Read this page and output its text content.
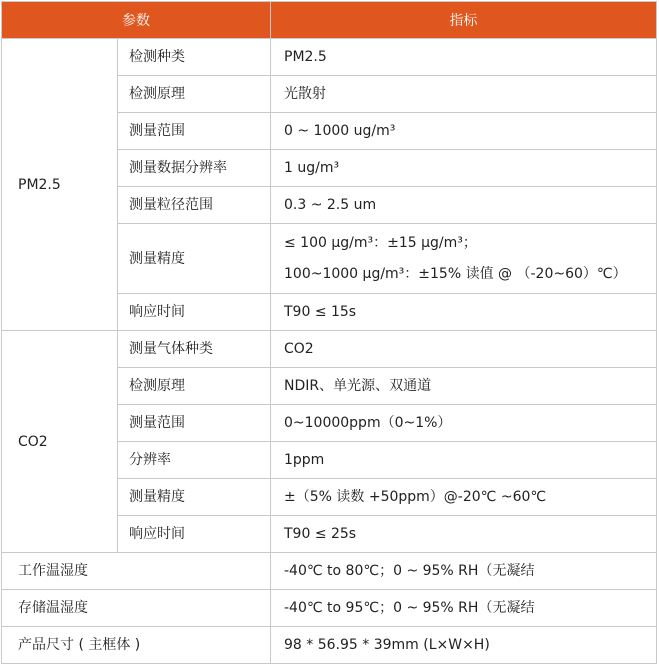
参数		指标
PM2.5	检测种类	PM2.5
	检测原理	光散射
	测量范围	0 ~ 1000 ug/m³
	测量数据分辨率	1 ug/m³
	测量粒径范围	0.3 ~ 2.5 um
	测量精度	≤ 100 μg/m³：±15 μg/m³；
100~1000 μg/m³：±15% 读值 @ （-20~60）℃）

	响应时间	T90 ≤ 15s
CO2	测量气体种类	CO2
	检测原理	NDIR、单光源、双通道
	测量范围	0~10000ppm（0~1%）
	分辨率	1ppm
	测量精度	±（5% 读数 +50ppm）@-20℃ ~60℃
	响应时间	T90 ≤ 25s
工作温湿度		-40℃ to 80℃；0 ~ 95% RH（无凝结
存储温湿度		-40℃ to 95℃；0 ~ 95% RH（无凝结
产品尺寸 ( 主框体 )		98 * 56.95 * 39mm (L×W×H)
